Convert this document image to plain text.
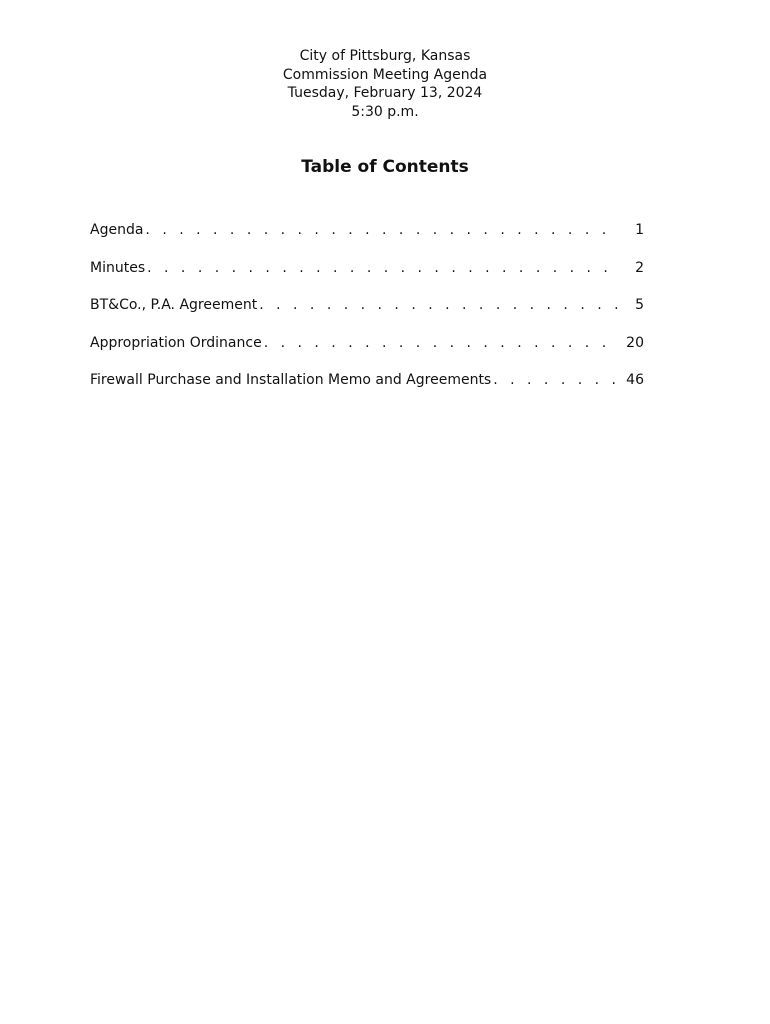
City of Pittsburg, Kansas
Commission Meeting Agenda
Tuesday, February 13, 2024
5:30 p.m.
Table of Contents
Agenda . . .	1
Minutes . . .	2
BT&Co., P.A. Agreement . . .	5
Appropriation Ordinance . . .	20
Firewall Purchase and Installation Memo and Agreements . . .	46
